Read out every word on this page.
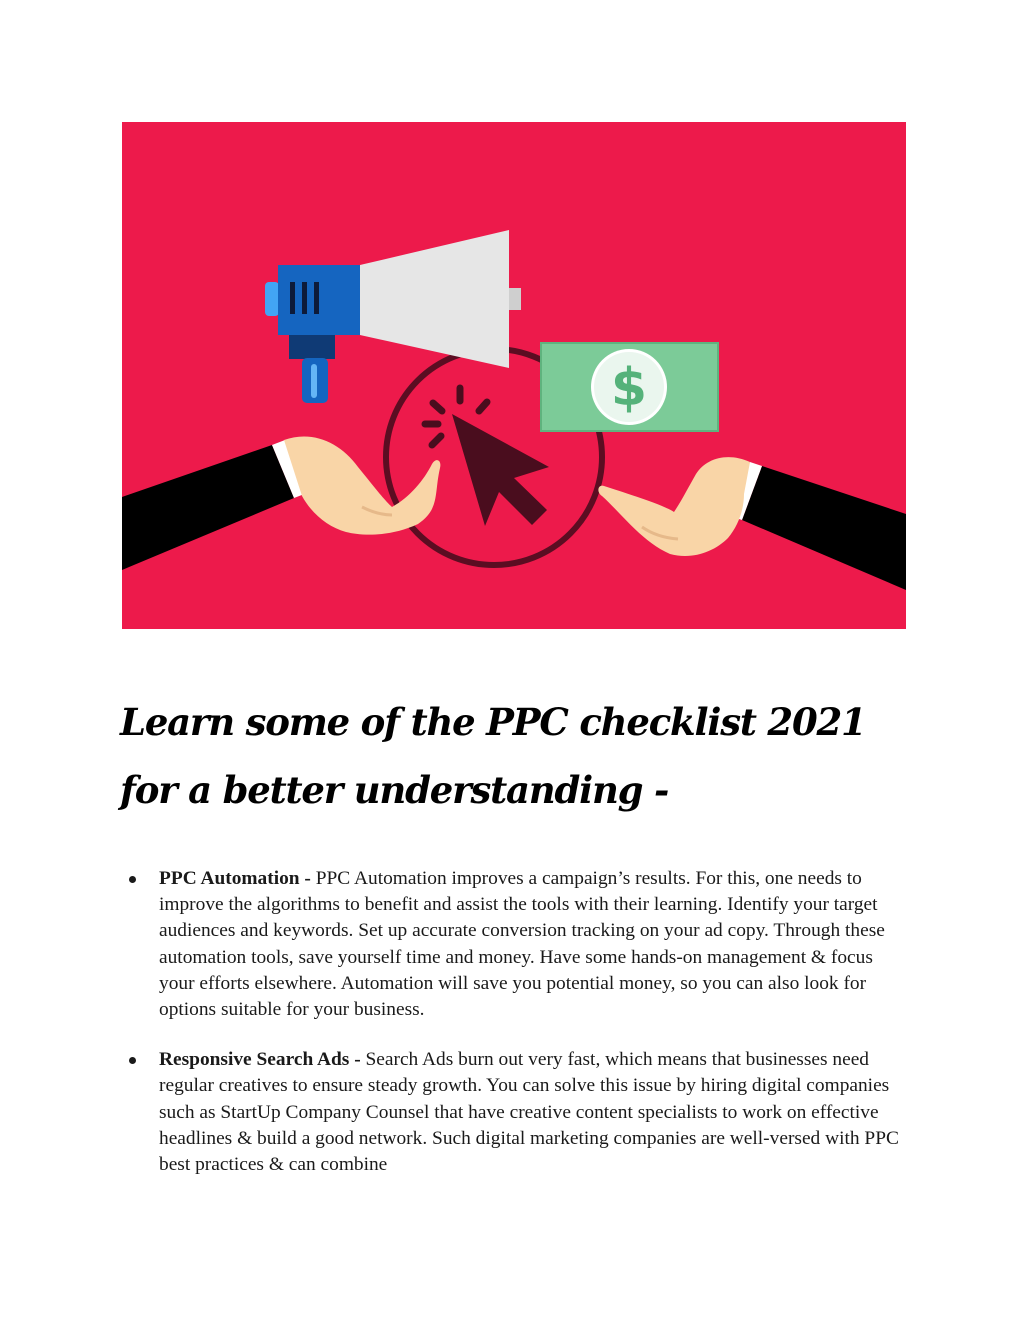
$
Learn some of the PPC checklist 2021 for a better understanding -
PPC Automation - PPC Automation improves a campaign’s results. For this, one needs to improve the algorithms to benefit and assist the tools with their learning. Identify your target audiences and keywords. Set up accurate conversion tracking on your ad copy. Through these automation tools, save yourself time and money. Have some hands-on management & focus your efforts elsewhere. Automation will save you potential money, so you can also look for options suitable for your business.
Responsive Search Ads - Search Ads burn out very fast, which means that businesses need regular creatives to ensure steady growth. You can solve this issue by hiring digital companies such as StartUp Company Counsel that have creative content specialists to work on effective headlines & build a good network. Such digital marketing companies are well-versed with PPC best practices & can combine
